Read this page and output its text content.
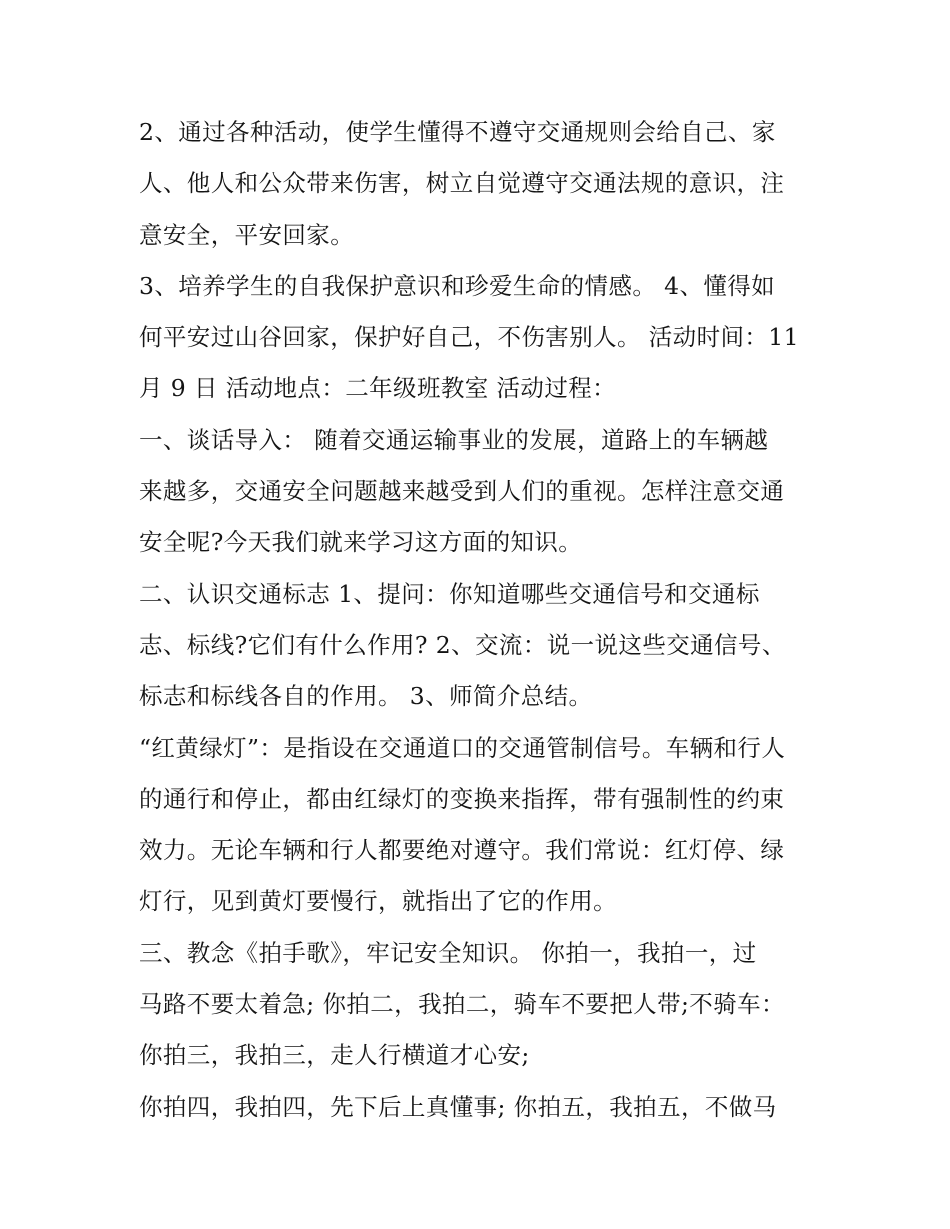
2、通过各种活动，使学生懂得不遵守交通规则会给自己、家
人、他人和公众带来伤害，树立自觉遵守交通法规的意识，注
意安全，平安回家。
3、培养学生的自我保护意识和珍爱生命的情感。 4、懂得如
何平安过山谷回家，保护好自己，不伤害别人。 活动时间：11
月 9 日 活动地点：二年级班教室 活动过程：
一、谈话导入： 随着交通运输事业的发展，道路上的车辆越
来越多，交通安全问题越来越受到人们的重视。怎样注意交通
安全呢?今天我们就来学习这方面的知识。
二、认识交通标志 1、提问：你知道哪些交通信号和交通标
志、标线?它们有什么作用? 2、交流：说一说这些交通信号、
标志和标线各自的作用。 3、师简介总结。
“红黄绿灯”：是指设在交通道口的交通管制信号。车辆和行人
的通行和停止，都由红绿灯的变换来指挥，带有强制性的约束
效力。无论车辆和行人都要绝对遵守。我们常说：红灯停、绿
灯行，见到黄灯要慢行，就指出了它的作用。
三、教念《拍手歌》，牢记安全知识。 你拍一，我拍一，过
马路不要太着急; 你拍二，我拍二，骑车不要把人带;不骑车：
你拍三，我拍三，走人行横道才心安;
你拍四，我拍四，先下后上真懂事; 你拍五，我拍五，不做马
